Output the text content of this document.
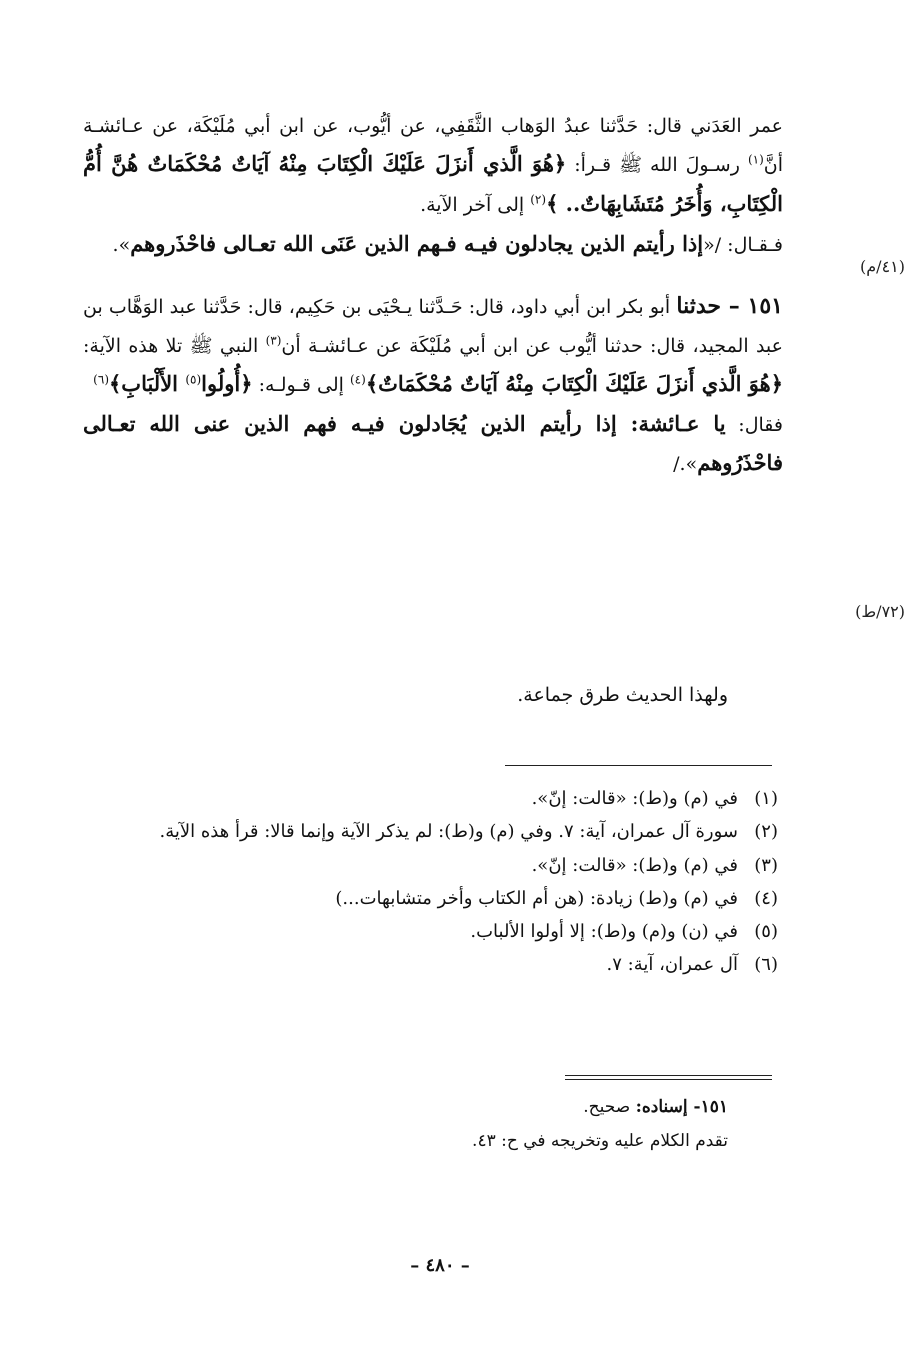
عمر العَدَني قال: حَدَّثنا عبدُ الوَهاب الثَّقَفِي، عن أيُّوب، عن ابن أبي مُلَيْكَة، عن عـائشـة أنَّ$^{(١)}$ رسـولَ الله ﷺ قـرأ: ﴿هُوَ الَّذي أَنزَلَ عَلَيْكَ الْكِتَابَ مِنْهُ آيَاتٌ مُحْكَمَاتٌ هُنَّ أُمُّ الْكِتَابِ، وَأُخَرُ مُتَشَابِهَاتٌ.. ﴾$^{(٢)}$ إلى آخر الآية.

فـقـال: /«إذا رأيتم الذين يجادلون فيـه فـهم الذين عَنَى الله تعـالى فاحْذَروهم».

١٥١ – حدثنا أبو بكر ابن أبي داود، قال: حَـدَّثنا يـحْيَى بن حَكِيم، قال: حَدَّثنا عبد الوَهَّاب بن عبد المجيد، قال: حدثنا أيُّوب عن ابن أبي مُلَيْكَة عن عـائشـة أن$^{(٣)}$ النبي ﷺ تلا هذه الآية: ﴿هُوَ الَّذي أَنزَلَ عَلَيْكَ الْكِتَابَ مِنْهُ آيَاتٌ مُحْكَمَاتٌ﴾$^{(٤)}$ إلى قـولـه: ﴿أُولُوا$^{(٥)}$ الأَلْبَابِ﴾$^{(٦)}$

فقال: يا عـائشة: إذا رأيتم الذين يُجَادلون فيـه فهم الذين عنى الله تعـالى فاحْذَرُوهم»./

(٤١/م)
(٧٢/ط)
ولهذا الحديث طرق جماعة.
(١)
في (م) و(ط): «قالت: إنّ».
(٢)
سورة آل عمران، آية: ٧. وفي (م) و(ط): لم يذكر الآية وإنما قالا: قرأ هذه الآية.
(٣)
في (م) و(ط): «قالت: إنّ».
(٤)
في (م) و(ط) زيادة: (هن أم الكتاب وأخر متشابهات...)
(٥)
في (ن) و(م) و(ط): إلا أولوا الألباب.
(٦)
آل عمران، آية: ٧.
١٥١- إسناده: صحيح.
تقدم الكلام عليه وتخريجه في ح: ٤٣.
– ٤٨٠ –
